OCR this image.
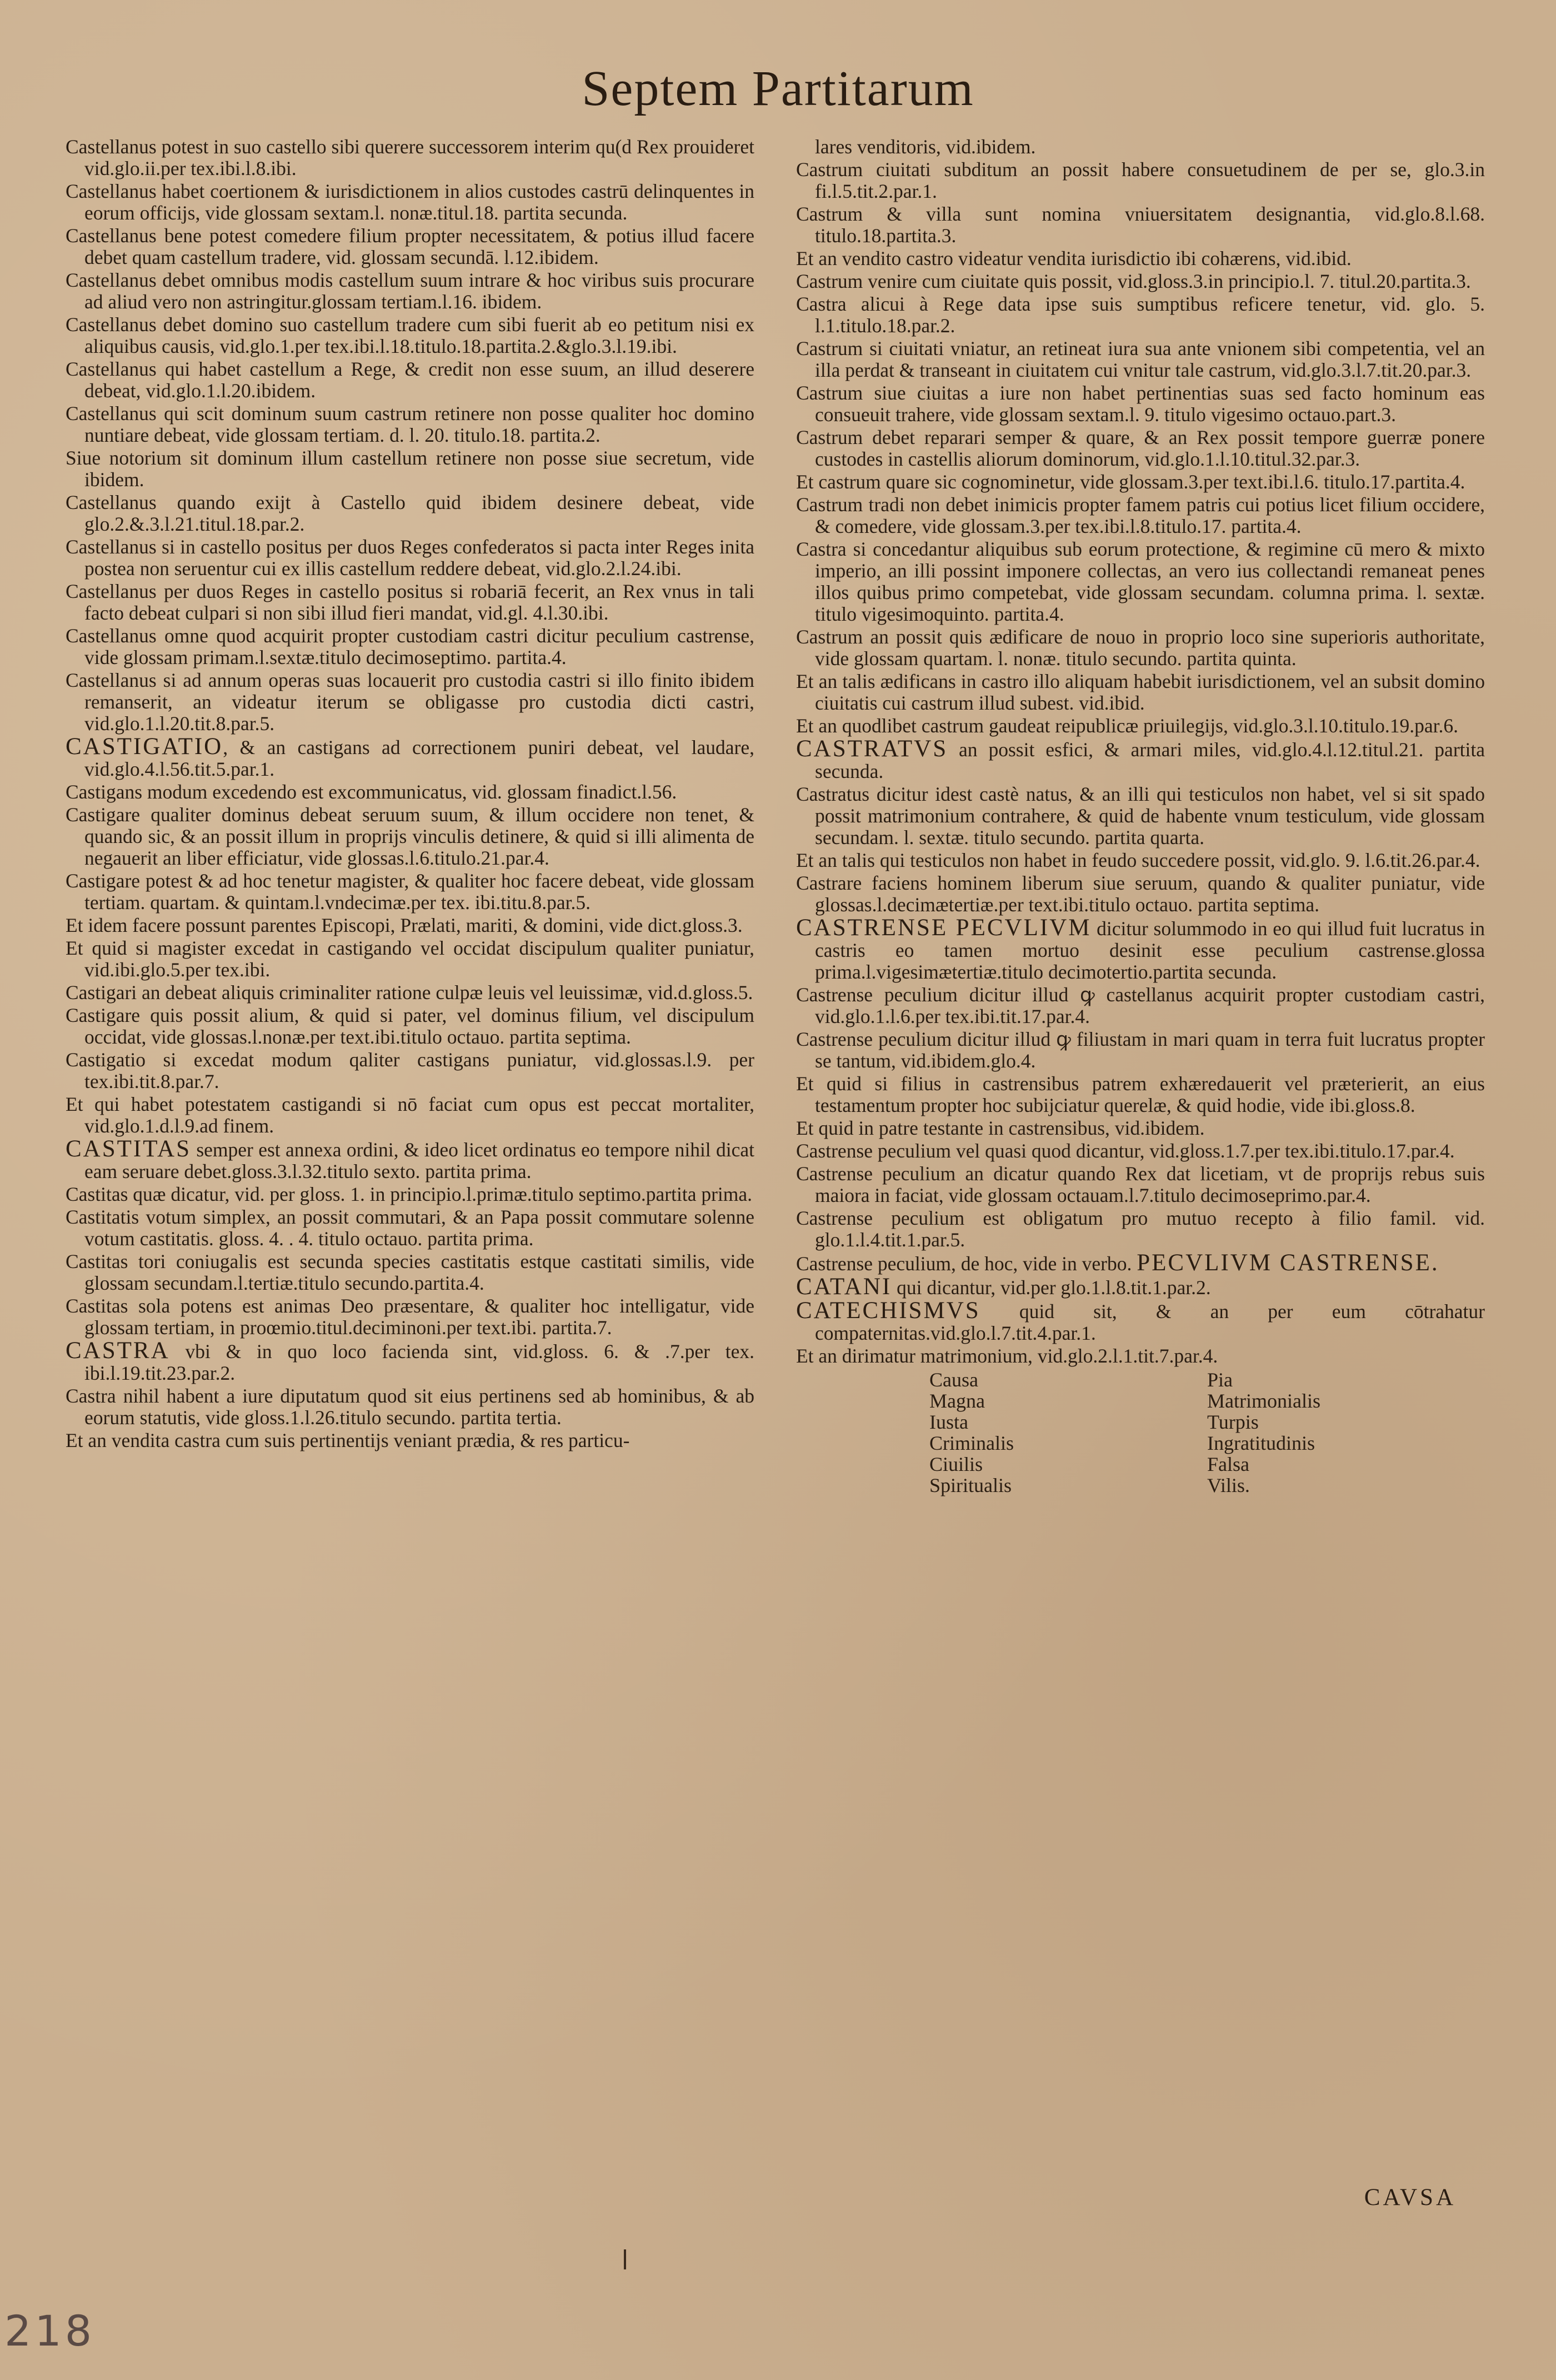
Septem Partitarum

Castellanus potest in suo castello sibi querere successorem interim qu(d Rex prouideret vid.glo.ii.per tex.ibi.l.8.ibi.

Castellanus habet coertionem & iurisdictionem in alios custodes castrū delinquentes in eorum officijs, vide glossam sextam.l. nonæ.titul.18. partita secunda.

Castellanus bene potest comedere filium propter necessitatem, & potius illud facere debet quam castellum tradere, vid. glossam secundā. l.12.ibidem.

Castellanus debet omnibus modis castellum suum intrare & hoc viribus suis procurare ad aliud vero non astringitur.glossam tertiam.l.16. ibidem.

Castellanus debet domino suo castellum tradere cum sibi fuerit ab eo petitum nisi ex aliquibus causis, vid.glo.1.per tex.ibi.l.18.titulo.18.partita.2.&glo.3.l.19.ibi.

Castellanus qui habet castellum a Rege, & credit non esse suum, an illud deserere debeat, vid.glo.1.l.20.ibidem.

Castellanus qui scit dominum suum castrum retinere non posse qualiter hoc domino nuntiare debeat, vide glossam tertiam. d. l. 20. titulo.18. partita.2.

Siue notorium sit dominum illum castellum retinere non posse siue secretum, vide ibidem.

Castellanus quando exijt à Castello quid ibidem desinere debeat, vide glo.2.&.3.l.21.titul.18.par.2.

Castellanus si in castello positus per duos Reges confederatos si pacta inter Reges inita postea non seruentur cui ex illis castellum reddere debeat, vid.glo.2.l.24.ibi.

Castellanus per duos Reges in castello positus si robariā fecerit, an Rex vnus in tali facto debeat culpari si non sibi illud fieri mandat, vid.gl. 4.l.30.ibi.

Castellanus omne quod acquirit propter custodiam castri dicitur peculium castrense, vide glossam primam.l.sextæ.titulo decimoseptimo. partita.4.

Castellanus si ad annum operas suas locauerit pro custodia castri si illo finito ibidem remanserit, an videatur iterum se obligasse pro custodia dicti castri, vid.glo.1.l.20.tit.8.par.5.

CASTIGATIO, & an castigans ad correctionem puniri debeat, vel laudare, vid.glo.4.l.56.tit.5.par.1.

Castigans modum excedendo est excommunicatus, vid. glossam finadict.l.56.

Castigare qualiter dominus debeat seruum suum, & illum occidere non tenet, & quando sic, & an possit illum in proprijs vinculis detinere, & quid si illi alimenta de negauerit an liber efficiatur, vide glossas.l.6.titulo.21.par.4.

Castigare potest & ad hoc tenetur magister, & qualiter hoc facere debeat, vide glossam tertiam. quartam. & quintam.l.vndecimæ.per tex. ibi.titu.8.par.5.

Et idem facere possunt parentes Episcopi, Prælati, mariti, & domini, vide dict.gloss.3.

Et quid si magister excedat in castigando vel occidat discipulum qualiter puniatur, vid.ibi.glo.5.per tex.ibi.

Castigari an debeat aliquis criminaliter ratione culpæ leuis vel leuissimæ, vid.d.gloss.5.

Castigare quis possit alium, & quid si pater, vel dominus filium, vel discipulum occidat, vide glossas.l.nonæ.per text.ibi.titulo octauo. partita septima.

Castigatio si excedat modum qaliter castigans puniatur, vid.glossas.l.9. per tex.ibi.tit.8.par.7.

Et qui habet potestatem castigandi si nō faciat cum opus est peccat mortaliter, vid.glo.1.d.l.9.ad finem.

CASTITAS semper est annexa ordini, & ideo licet ordinatus eo tempore nihil dicat eam seruare debet.gloss.3.l.32.titulo sexto. partita prima.

Castitas quæ dicatur, vid. per gloss. 1. in principio.l.primæ.titulo septimo.partita prima.

Castitatis votum simplex, an possit commutari, & an Papa possit commutare solenne votum castitatis. gloss. 4. . 4. titulo octauo. partita prima.

Castitas tori coniugalis est secunda species castitatis estque castitati similis, vide glossam secundam.l.tertiæ.titulo secundo.partita.4.

Castitas sola potens est animas Deo præsentare, & qualiter hoc intelligatur, vide glossam tertiam, in proœmio.titul.deciminoni.per text.ibi. partita.7.

CASTRA vbi & in quo loco facienda sint, vid.gloss. 6. & .7.per tex. ibi.l.19.tit.23.par.2.

Castra nihil habent a iure diputatum quod sit eius pertinens sed ab hominibus, & ab eorum statutis, vide gloss.1.l.26.titulo secundo. partita tertia.

Et an vendita castra cum suis pertinentijs veniant prædia, & res particu-

lares venditoris, vid.ibidem.

Castrum ciuitati subditum an possit habere consuetudinem de per se, glo.3.in fi.l.5.tit.2.par.1.

Castrum & villa sunt nomina vniuersitatem designantia, vid.glo.8.l.68. titulo.18.partita.3.

Et an vendito castro videatur vendita iurisdictio ibi cohærens, vid.ibid.

Castrum venire cum ciuitate quis possit, vid.gloss.3.in principio.l. 7. titul.20.partita.3.

Castra alicui à Rege data ipse suis sumptibus reficere tenetur, vid. glo. 5. l.1.titulo.18.par.2.

Castrum si ciuitati vniatur, an retineat iura sua ante vnionem sibi competentia, vel an illa perdat & transeant in ciuitatem cui vnitur tale castrum, vid.glo.3.l.7.tit.20.par.3.

Castrum siue ciuitas a iure non habet pertinentias suas sed facto hominum eas consueuit trahere, vide glossam sextam.l. 9. titulo vigesimo octauo.part.3.

Castrum debet reparari semper & quare, & an Rex possit tempore guerræ ponere custodes in castellis aliorum dominorum, vid.glo.1.l.10.titul.32.par.3.

Et castrum quare sic cognominetur, vide glossam.3.per text.ibi.l.6. titulo.17.partita.4.

Castrum tradi non debet inimicis propter famem patris cui potius licet filium occidere, & comedere, vide glossam.3.per tex.ibi.l.8.titulo.17. partita.4.

Castra si concedantur aliquibus sub eorum protectione, & regimine cū mero & mixto imperio, an illi possint imponere collectas, an vero ius collectandi remaneat penes illos quibus primo competebat, vide glossam secundam. columna prima. l. sextæ. titulo vigesimoquinto. partita.4.

Castrum an possit quis ædificare de nouo in proprio loco sine superioris authoritate, vide glossam quartam. l. nonæ. titulo secundo. partita quinta.

Et an talis ædificans in castro illo aliquam habebit iurisdictionem, vel an subsit domino ciuitatis cui castrum illud subest. vid.ibid.

Et an quodlibet castrum gaudeat reipublicæ priuilegijs, vid.glo.3.l.10.titulo.19.par.6.

CASTRATVS an possit esfici, & armari miles, vid.glo.4.l.12.titul.21. partita secunda.

Castratus dicitur idest castè natus, & an illi qui testiculos non habet, vel si sit spado possit matrimonium contrahere, & quid de habente vnum testiculum, vide glossam secundam. l. sextæ. titulo secundo. partita quarta.

Et an talis qui testiculos non habet in feudo succedere possit, vid.glo. 9. l.6.tit.26.par.4.

Castrare faciens hominem liberum siue seruum, quando & qualiter puniatur, vide glossas.l.decimætertiæ.per text.ibi.titulo octauo. partita septima.

CASTRENSE PECVLIVM dicitur solummodo in eo qui illud fuit lucratus in castris eo tamen mortuo desinit esse peculium castrense.glossa prima.l.vigesimætertiæ.titulo decimotertio.partita secunda.

Castrense peculium dicitur illud ꝙ castellanus acquirit propter custodiam castri, vid.glo.1.l.6.per tex.ibi.tit.17.par.4.

Castrense peculium dicitur illud ꝙ filiustam in mari quam in terra fuit lucratus propter se tantum, vid.ibidem.glo.4.

Et quid si filius in castrensibus patrem exhæredauerit vel præterierit, an eius testamentum propter hoc subijciatur querelæ, & quid hodie, vide ibi.gloss.8.

Et quid in patre testante in castrensibus, vid.ibidem.

Castrense peculium vel quasi quod dicantur, vid.gloss.1.7.per tex.ibi.titulo.17.par.4.

Castrense peculium an dicatur quando Rex dat licetiam, vt de proprijs rebus suis maiora in faciat, vide glossam octauam.l.7.titulo decimoseprimo.par.4.

Castrense peculium est obligatum pro mutuo recepto à filio famil. vid. glo.1.l.4.tit.1.par.5.

Castrense peculium, de hoc, vide in verbo. PECVLIVM CASTRENSE.

CATANI qui dicantur, vid.per glo.1.l.8.tit.1.par.2.

CATECHISMVS quid sit, & an per eum cōtrahatur compaternitas.vid.glo.l.7.tit.4.par.1.

Et an dirimatur matrimonium, vid.glo.2.l.1.tit.7.par.4.

Causa
Magna
Iusta
Criminalis
Ciuilis
Spiritualis
Pia
Matrimonialis
Turpis
Ingratitudinis
Falsa
Vilis.
CAVSA
218
